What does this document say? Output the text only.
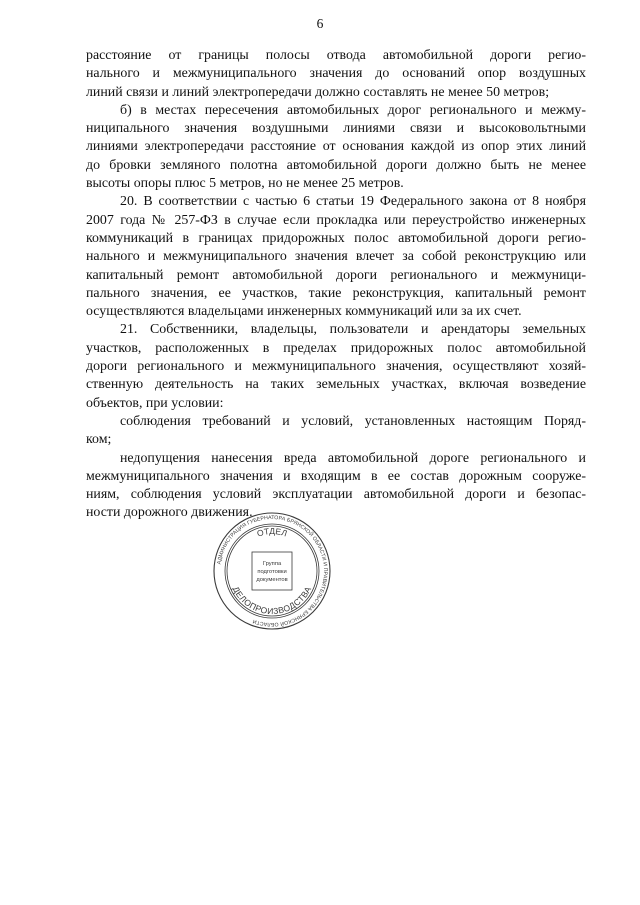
6
расстояние от границы полосы отвода автомобильной дороги регио-
нального и межмуниципального значения до оснований опор воздушных
линий связи и линий электропередачи должно составлять не менее 50 метров;
б) в местах пересечения автомобильных дорог регионального и межму-
ниципального значения воздушными линиями связи и высоковольтными
линиями электропередачи расстояние от основания каждой из опор этих линий
до бровки земляного полотна автомобильной дороги должно быть не менее
высоты опоры плюс 5 метров, но не менее 25 метров.
20. В соответствии с частью 6 статьи 19 Федерального закона от 8 ноября
2007 года № 257-ФЗ в случае если прокладка или переустройство инженерных
коммуникаций в границах придорожных полос автомобильной дороги регио-
нального и межмуниципального значения влечет за собой реконструкцию или
капитальный ремонт автомобильной дороги регионального и межмуници-
пального значения, ее участков, такие реконструкция, капитальный ремонт
осуществляются владельцами инженерных коммуникаций или за их счет.
21. Собственники, владельцы, пользователи и арендаторы земельных
участков, расположенных в пределах придорожных полос автомобильной
дороги регионального и межмуниципального значения, осуществляют хозяй-
ственную деятельность на таких земельных участках, включая возведение
объектов, при условии:
соблюдения требований и условий, установленных настоящим Поряд-
ком;
недопущения нанесения вреда автомобильной дороге регионального и
межмуниципального значения и входящим в ее состав дорожным сооруже-
ниям, соблюдения условий эксплуатации автомобильной дороги и безопас-
ности дорожного движения.
АДМИНИСТРАЦИЯ ГУБЕРНАТОРА БРЯНСКОЙ ОБЛАСТИ И ПРАВИТЕЛЬСТВА БРЯНСКОЙ ОБЛАСТИ
ОТДЕЛ
ДЕЛОПРОИЗВОДСТВА
Группа
подготовки
документов
